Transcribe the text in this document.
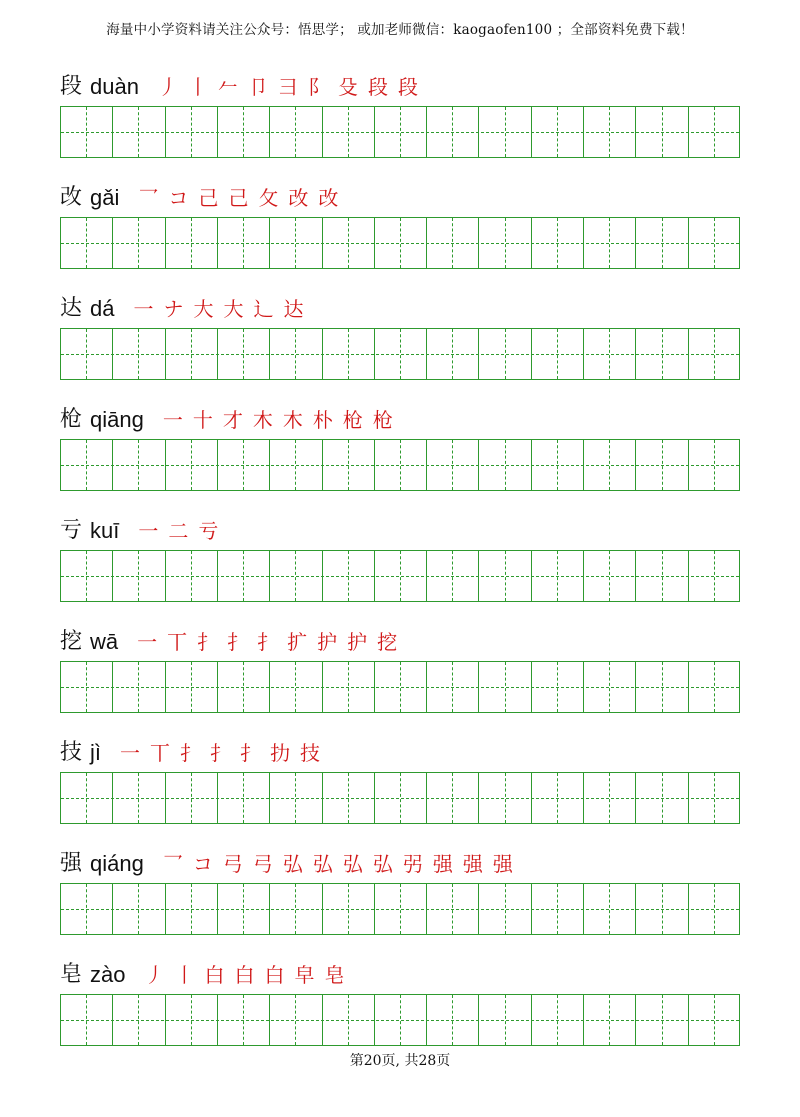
海量中小学资料请关注公众号：悟思学； 或加老师微信：kaogaofen100 ；全部资料免费下载！
段 duàn 丿 丨 𠂉 卩 彐 阝 殳 段 段
改 gǎi 乛 コ 己 己 攵 改 改
达 dá 一 ナ 大 大 辶 达
枪 qiāng 一 十 才 木 木 朴 枪 枪
亏 kuī 一 二 亏
挖 wā 一 丅 扌 扌 扌 扩 护 护 挖
技 jì 一 丅 扌 扌 扌 扐 技
强 qiáng 乛 コ 弓 弓 弘 弘 弘 弘 弜 强 强 强
皂 zào 丿 丨 白 白 白 皁 皂
第20页, 共28页
